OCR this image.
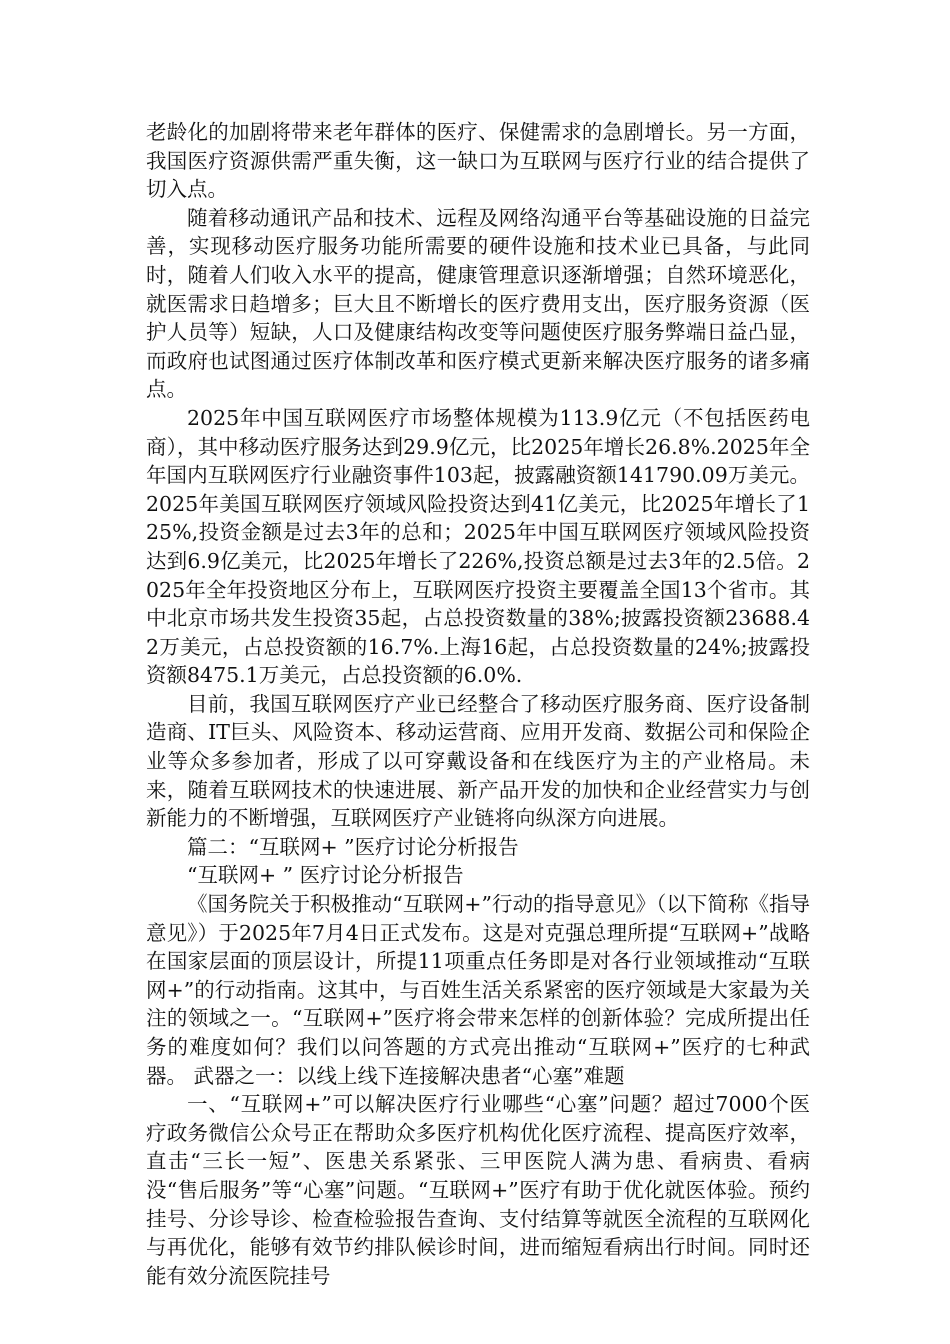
老龄化的加剧将带来老年群体的医疗、保健需求的急剧增长。另一方面，我国医疗资源供需严重失衡，这一缺口为互联网与医疗行业的结合提供了切入点。

随着移动通讯产品和技术、远程及网络沟通平台等基础设施的日益完善，实现移动医疗服务功能所需要的硬件设施和技术业已具备，与此同时，随着人们收入水平的提高，健康管理意识逐渐增强；自然环境恶化，就医需求日趋增多；巨大且不断增长的医疗费用支出，医疗服务资源（医护人员等）短缺，人口及健康结构改变等问题使医疗服务弊端日益凸显，而政府也试图通过医疗体制改革和医疗模式更新来解决医疗服务的诸多痛点。

2025年中国互联网医疗市场整体规模为113.9亿元（不包括医药电商），其中移动医疗服务达到29.9亿元，比2025年增长26.8%.2025年全年国内互联网医疗行业融资事件103起，披露融资额141790.09万美元。2025年美国互联网医疗领域风险投资达到41亿美元，比2025年增长了125%,投资金额是过去3年的总和；2025年中国互联网医疗领域风险投资达到6.9亿美元，比2025年增长了226%,投资总额是过去3年的2.5倍。2025年全年投资地区分布上，互联网医疗投资主要覆盖全国13个省市。其中北京市场共发生投资35起，占总投资数量的38%;披露投资额23688.42万美元，占总投资额的16.7%.上海16起，占总投资数量的24%;披露投资额8475.1万美元，占总投资额的6.0%.

目前，我国互联网医疗产业已经整合了移动医疗服务商、医疗设备制造商、IT巨头、风险资本、移动运营商、应用开发商、数据公司和保险企业等众多参加者，形成了以可穿戴设备和在线医疗为主的产业格局。未来，随着互联网技术的快速进展、新产品开发的加快和企业经营实力与创新能力的不断增强，互联网医疗产业链将向纵深方向进展。

篇二：“互联网+ ”医疗讨论分析报告

“互联网+ ” 医疗讨论分析报告

《国务院关于积极推动“互联网+”行动的指导意见》（以下简称《指导意见》）于2025年7月4日正式发布。这是对克强总理所提“互联网+”战略在国家层面的顶层设计，所提11项重点任务即是对各行业领域推动“互联网+”的行动指南。这其中，与百姓生活关系紧密的医疗领域是大家最为关注的领域之一。“互联网+”医疗将会带来怎样的创新体验？完成所提出任务的难度如何？我们以问答题的方式亮出推动“互联网+”医疗的七种武器。 武器之一：以线上线下连接解决患者“心塞”难题

一、“互联网+”可以解决医疗行业哪些“心塞”问题？超过7000个医疗政务微信公众号正在帮助众多医疗机构优化医疗流程、提高医疗效率，直击“三长一短”、医患关系紧张、三甲医院人满为患、看病贵、看病没“售后服务”等“心塞”问题。“互联网+”医疗有助于优化就医体验。预约挂号、分诊导诊、检查检验报告查询、支付结算等就医全流程的互联网化与再优化，能够有效节约排队候诊时间，进而缩短看病出行时间。同时还能有效分流医院挂号
